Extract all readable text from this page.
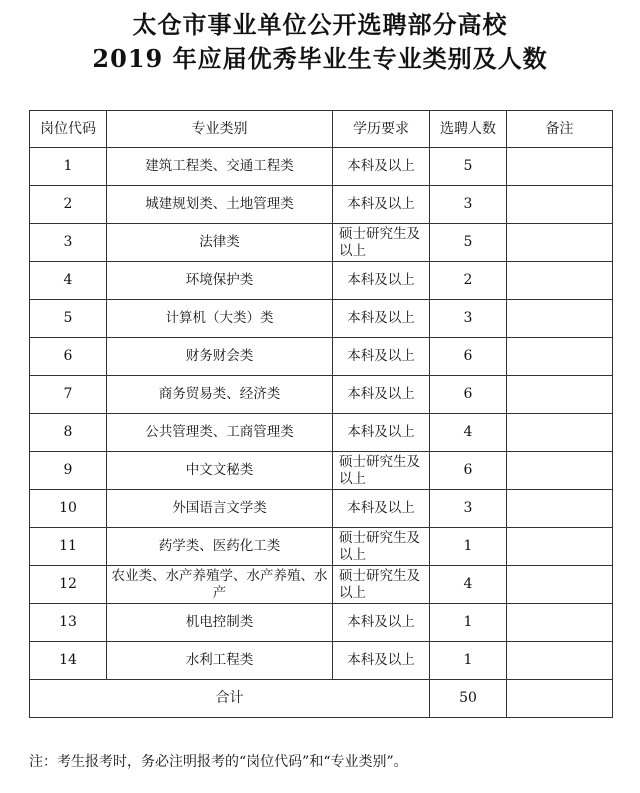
太仓市事业单位公开选聘部分高校
2019 年应届优秀毕业生专业类别及人数
岗位代码	专业类别	学历要求	选聘人数	备注
1	建筑工程类、交通工程类	本科及以上	5	
2	城建规划类、土地管理类	本科及以上	3	
3	法律类	硕士研究生及以上	5	
4	环境保护类	本科及以上	2	
5	计算机（大类）类	本科及以上	3	
6	财务财会类	本科及以上	6	
7	商务贸易类、经济类	本科及以上	6	
8	公共管理类、工商管理类	本科及以上	4	
9	中文文秘类	硕士研究生及以上	6	
10	外国语言文学类	本科及以上	3	
11	药学类、医药化工类	硕士研究生及以上	1	
12	农业类、水产养殖学、水产养殖、水产	硕士研究生及以上	4	
13	机电控制类	本科及以上	1	
14	水利工程类	本科及以上	1	
合计			50	
注：考生报考时，务必注明报考的“岗位代码”和“专业类别”。
